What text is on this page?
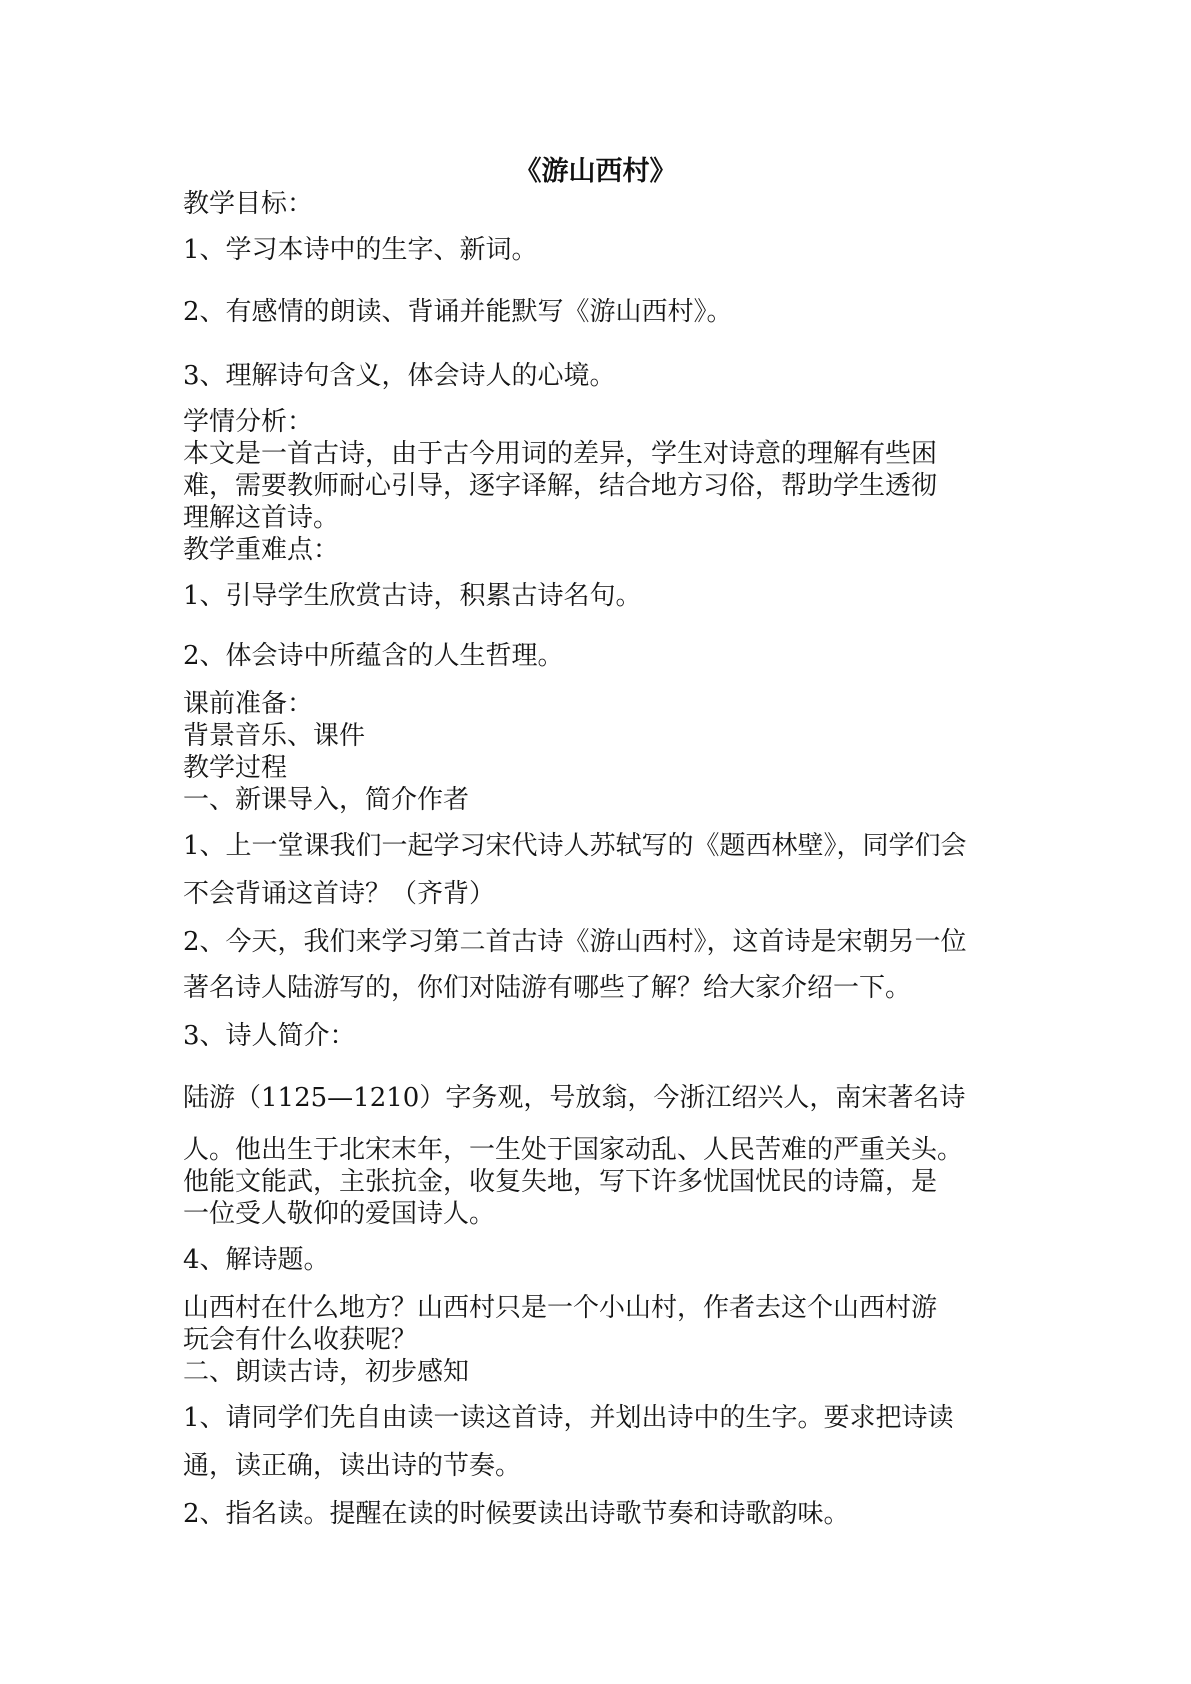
《游山西村》
教学目标：
1、学习本诗中的生字、新词。
2、有感情的朗读、背诵并能默写《游山西村》。
3、理解诗句含义，体会诗人的心境。
学情分析：
本文是一首古诗，由于古今用词的差异，学生对诗意的理解有些困
难，需要教师耐心引导，逐字译解，结合地方习俗，帮助学生透彻
理解这首诗。
教学重难点：
1、引导学生欣赏古诗，积累古诗名句。
2、体会诗中所蕴含的人生哲理。
课前准备：
背景音乐、课件
教学过程
一、新课导入，简介作者
1、上一堂课我们一起学习宋代诗人苏轼写的《题西林壁》，同学们会
不会背诵这首诗？（齐背）
2、今天，我们来学习第二首古诗《游山西村》，这首诗是宋朝另一位
著名诗人陆游写的，你们对陆游有哪些了解？给大家介绍一下。
3、诗人简介：
陆游（1125—1210）字务观，号放翁，今浙江绍兴人，南宋著名诗
人。他出生于北宋末年，一生处于国家动乱、人民苦难的严重关头。
他能文能武，主张抗金，收复失地，写下许多忧国忧民的诗篇，是
一位受人敬仰的爱国诗人。
4、解诗题。
山西村在什么地方？山西村只是一个小山村，作者去这个山西村游
玩会有什么收获呢？
二、朗读古诗，初步感知
1、请同学们先自由读一读这首诗，并划出诗中的生字。要求把诗读
通，读正确，读出诗的节奏。
2、指名读。提醒在读的时候要读出诗歌节奏和诗歌韵味。
